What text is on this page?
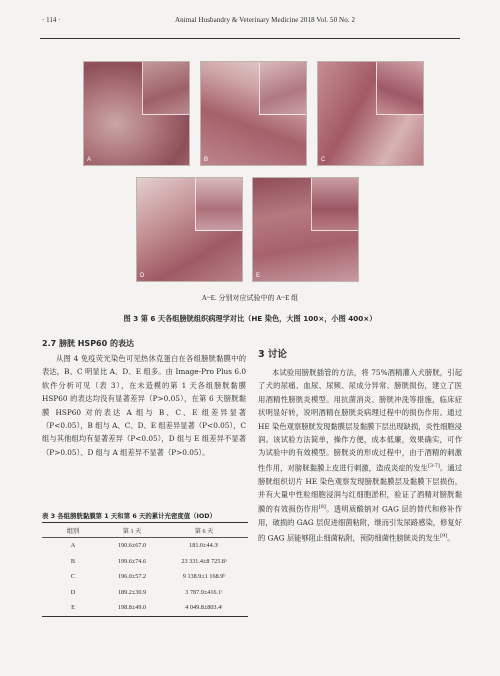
· 114 ·	Animal Husbandry & Veterinary Medicine 2018 Vol. 50 No. 2
A	B	C
D	E
A~E. 分别对应试验中的 A~E 组
图 3 第 6 天各组膀胱组织病理学对比（HE 染色，大图 100×，小图 400×）
2.7 膀胱 HSP60 的表达
从图 4 免疫荧光染色可见热休克蛋白在各组膀胱黏膜中的表达，B、C 明显比 A、D、E 组多。由 Image-Pro Plus 6.0 软件分析可见（表 3），在未造模的第 1 天各组膀胱黏膜 HSP60 的表达均没有显著差异（P>0.05），在第 6 天膀胱黏膜 HSP60 对的表达 A 组与 B、C、E 组差异显著（P<0.05），B 组与 A、C、D、E 组差异显著（P<0.05），C 组与其他组均有显著差异（P<0.05），D 组与 E 组差异不显著（P>0.05）、D 组与 A 组差异不显著（P>0.05）。
表 3 各组膀胱黏膜第 1 天和第 6 天的累计光密度值（IOD）
组别	第 1 天	第 6 天
A	190.6±67.0	181.0±44.3ᶜ
B	199.6±74.6	23 331.4±8 725.8ᵃ
C	196.0±57.2	9 138.9±1 168.9ᵇ
D	189.2±30.9	3 787.9±416.1ᶜ
E	198.8±49.0	4 049.8±803.4ᶜ
3 讨论
本试验用膀胱插管的方法，将 75%酒精灌入犬膀胱，引起了犬的尿痛、血尿、尿频、尿成分异常、膀胱损伤，建立了医用酒精性膀胱炎模型。用抗菌消炎、膀胱冲洗等措施，临床症状明显好转，说明酒精在膀胱炎病理过程中的损伤作用。通过 HE 染色观察膀胱发现黏膜层及黏膜下层出现缺损，炎性细胞浸润。该试验方法简单，操作方便，成本低廉，效果确实，可作为试验中的有效模型。膀胱炎的形成过程中，由于酒精的刺激性作用，对膀胱黏膜上皮进行刺激，造成炎症的发生[3-7]。通过膀胱组织切片 HE 染色观察发现膀胱黏膜层及黏膜下层损伤，并有大量中性粒细胞浸润与红细胞淤积，验证了酒精对膀胱黏膜的有效损伤作用[8]。透明质酸钠对 GAG 层的替代和修补作用，破损的 GAG 层促进细菌粘附，继而引发尿路感染，修复好的 GAG 层能够阻止细菌粘附，预防细菌性膀胱炎的发生[9]。
